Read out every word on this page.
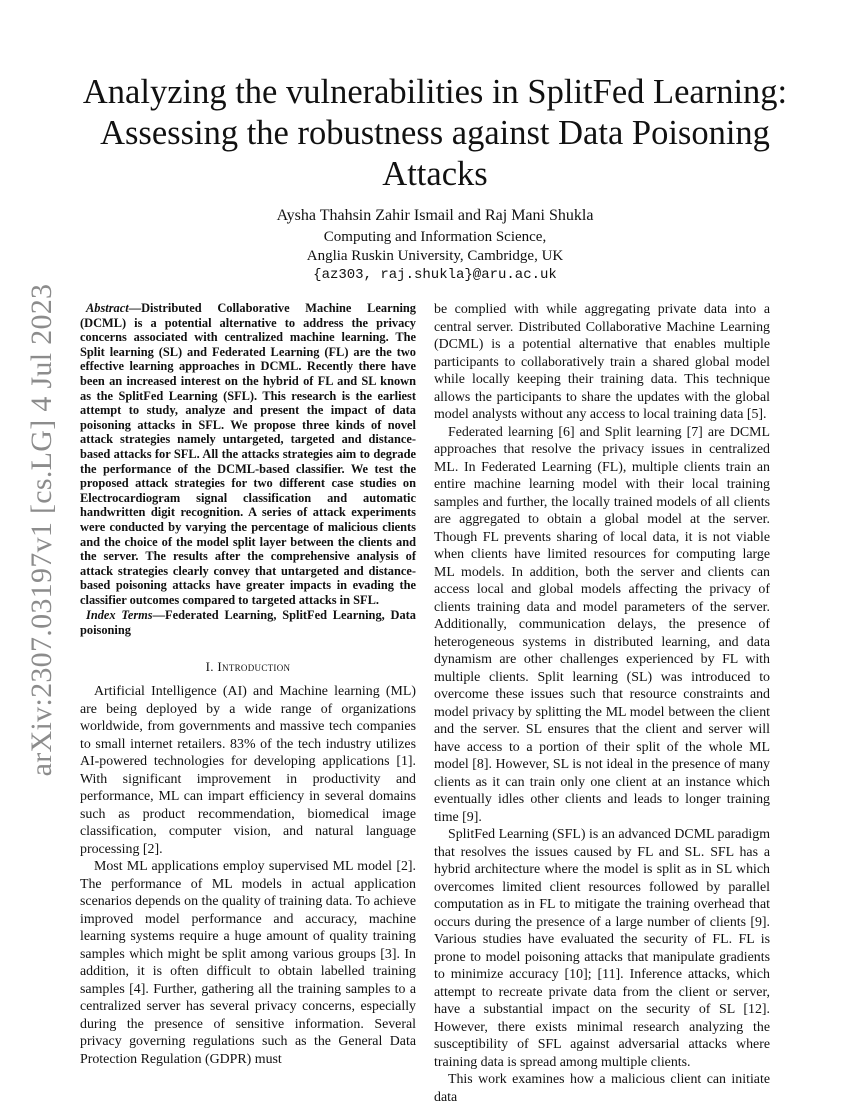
arXiv:2307.03197v1 [cs.LG] 4 Jul 2023
Analyzing the vulnerabilities in SplitFed Learning:
Assessing the robustness against Data Poisoning
Attacks
Aysha Thahsin Zahir Ismail and Raj Mani Shukla
Computing and Information Science,
Anglia Ruskin University, Cambridge, UK
{az303, raj.shukla}@aru.ac.uk

Abstract—Distributed Collaborative Machine Learning (DCML) is a potential alternative to address the privacy concerns associated with centralized machine learning. The Split learning (SL) and Federated Learning (FL) are the two effective learning approaches in DCML. Recently there have been an increased interest on the hybrid of FL and SL known as the SplitFed Learning (SFL). This research is the earliest attempt to study, analyze and present the impact of data poisoning attacks in SFL. We propose three kinds of novel attack strategies namely untargeted, targeted and distance-based attacks for SFL. All the attacks strategies aim to degrade the performance of the DCML-based classifier. We test the proposed attack strategies for two different case studies on Electrocardiogram signal classification and automatic handwritten digit recognition. A series of attack experiments were conducted by varying the percentage of malicious clients and the choice of the model split layer between the clients and the server. The results after the comprehensive analysis of attack strategies clearly convey that untargeted and distance-based poisoning attacks have greater impacts in evading the classifier outcomes compared to targeted attacks in SFL.

Index Terms—Federated Learning, SplitFed Learning, Data poisoning

I. Introduction

Artificial Intelligence (AI) and Machine learning (ML) are being deployed by a wide range of organizations worldwide, from governments and massive tech companies to small internet retailers. 83% of the tech industry utilizes AI-powered technologies for developing applications [1]. With significant improvement in productivity and performance, ML can impart efficiency in several domains such as product recommendation, biomedical image classification, computer vision, and natural language processing [2].

Most ML applications employ supervised ML model [2]. The performance of ML models in actual application scenarios depends on the quality of training data. To achieve improved model performance and accuracy, machine learning systems require a huge amount of quality training samples which might be split among various groups [3]. In addition, it is often difficult to obtain labelled training samples [4]. Further, gathering all the training samples to a centralized server has several privacy concerns, especially during the presence of sensitive information. Several privacy governing regulations such as the General Data Protection Regulation (GDPR) must

be complied with while aggregating private data into a central server. Distributed Collaborative Machine Learning (DCML) is a potential alternative that enables multiple participants to collaboratively train a shared global model while locally keeping their training data. This technique allows the participants to share the updates with the global model analysts without any access to local training data [5].

Federated learning [6] and Split learning [7] are DCML approaches that resolve the privacy issues in centralized ML. In Federated Learning (FL), multiple clients train an entire machine learning model with their local training samples and further, the locally trained models of all clients are aggregated to obtain a global model at the server. Though FL prevents sharing of local data, it is not viable when clients have limited resources for computing large ML models. In addition, both the server and clients can access local and global models affecting the privacy of clients training data and model parameters of the server. Additionally, communication delays, the presence of heterogeneous systems in distributed learning, and data dynamism are other challenges experienced by FL with multiple clients. Split learning (SL) was introduced to overcome these issues such that resource constraints and model privacy by splitting the ML model between the client and the server. SL ensures that the client and server will have access to a portion of their split of the whole ML model [8]. However, SL is not ideal in the presence of many clients as it can train only one client at an instance which eventually idles other clients and leads to longer training time [9].

SplitFed Learning (SFL) is an advanced DCML paradigm that resolves the issues caused by FL and SL. SFL has a hybrid architecture where the model is split as in SL which overcomes limited client resources followed by parallel computation as in FL to mitigate the training overhead that occurs during the presence of a large number of clients [9]. Various studies have evaluated the security of FL. FL is prone to model poisoning attacks that manipulate gradients to minimize accuracy [10]; [11]. Inference attacks, which attempt to recreate private data from the client or server, have a substantial impact on the security of SL [12]. However, there exists minimal research analyzing the susceptibility of SFL against adversarial attacks where training data is spread among multiple clients.

This work examines how a malicious client can initiate data
